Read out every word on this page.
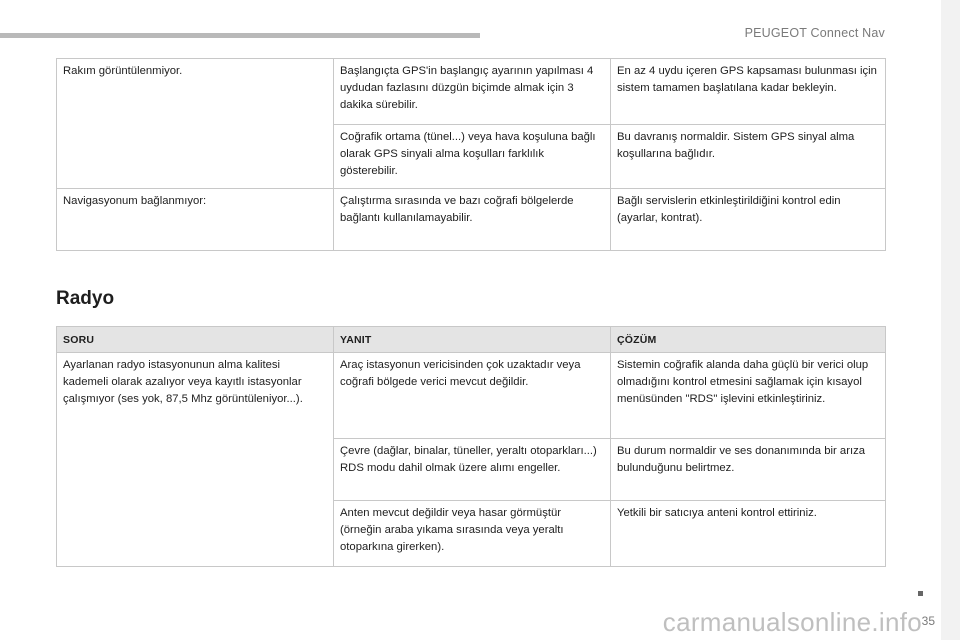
PEUGEOT Connect Nav
Rakım görüntülenmiyor.	Başlangıçta GPS'in başlangıç ayarının yapılması 4 uydudan fazlasını düzgün biçimde almak için 3 dakika sürebilir.	En az 4 uydu içeren GPS kapsaması bulunması için sistem tamamen başlatılana kadar bekleyin.
	Coğrafik ortama (tünel...) veya hava koşuluna bağlı olarak GPS sinyali alma koşulları farklılık gösterebilir.	Bu davranış normaldir. Sistem GPS sinyal alma koşullarına bağlıdır.
Navigasyonum bağlanmıyor:	Çalıştırma sırasında ve bazı coğrafi bölgelerde bağlantı kullanılamayabilir.	Bağlı servislerin etkinleştirildiğini kontrol edin (ayarlar, kontrat).
Radyo
SORU	YANIT	ÇÖZÜM
Ayarlanan radyo istasyonunun alma kalitesi kademeli olarak azalıyor veya kayıtlı istasyonlar çalışmıyor (ses yok, 87,5 Mhz görüntüleniyor...).	Araç istasyonun vericisinden çok uzaktadır veya coğrafi bölgede verici mevcut değildir.	Sistemin coğrafik alanda daha güçlü bir verici olup olmadığını kontrol etmesini sağlamak için kısayol menüsünden "RDS" işlevini etkinleştiriniz.
	Çevre (dağlar, binalar, tüneller, yeraltı otoparkları...) RDS modu dahil olmak üzere alımı engeller.	Bu durum normaldir ve ses donanımında bir arıza bulunduğunu belirtmez.
	Anten mevcut değildir veya hasar görmüştür (örneğin araba yıkama sırasında veya yeraltı otoparkına girerken).	Yetkili bir satıcıya anteni kontrol ettiriniz.
35
carmanualsonline.info
